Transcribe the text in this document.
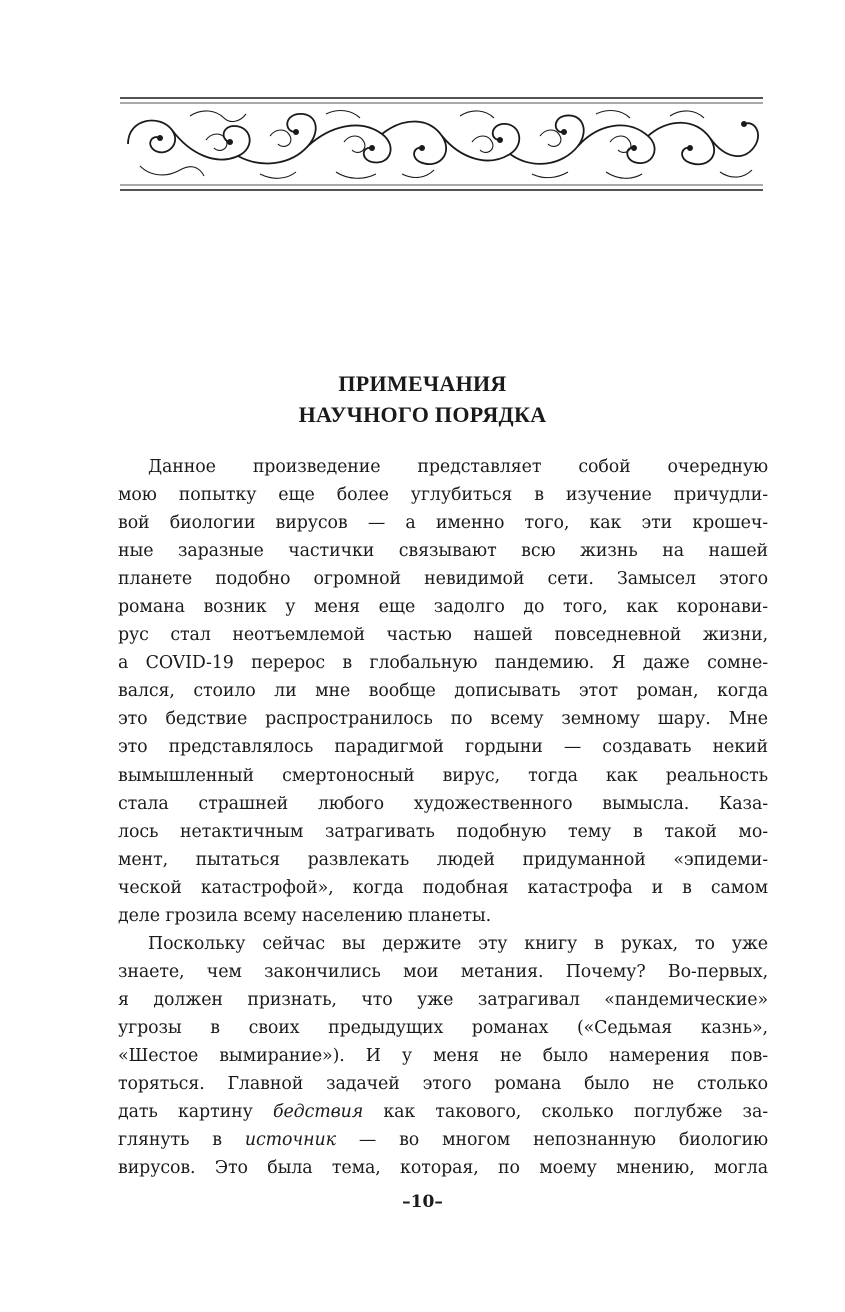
ПРИМЕЧАНИЯ
НАУЧНОГО ПОРЯДКА
Данное произведение представляет собой очередную
мою попытку еще более углубиться в изучение причудли-
вой биологии вирусов — а именно того, как эти крошеч-
ные заразные частички связывают всю жизнь на нашей
планете подобно огромной невидимой сети. Замысел этого
романа возник у меня еще задолго до того, как коронави-
рус стал неотъемлемой частью нашей повседневной жизни,
а COVID-19 перерос в глобальную пандемию. Я даже сомне-
вался, стоило ли мне вообще дописывать этот роман, когда
это бедствие распространилось по всему земному шару. Мне
это представлялось парадигмой гордыни — создавать некий
вымышленный смертоносный вирус, тогда как реальность
стала страшней любого художественного вымысла. Каза-
лось нетактичным затрагивать подобную тему в такой мо-
мент, пытаться развлекать людей придуманной «эпидеми-
ческой катастрофой», когда подобная катастрофа и в самом
деле грозила всему населению планеты.
Поскольку сейчас вы держите эту книгу в руках, то уже
знаете, чем закончились мои метания. Почему? Во-первых,
я должен признать, что уже затрагивал «пандемические»
угрозы в своих предыдущих романах («Седьмая казнь»,
«Шестое вымирание»). И у меня не было намерения пов-
торяться. Главной задачей этого романа было не столько
дать картину бедствия как такового, сколько поглубже за-
глянуть в источник — во многом непознанную биологию
вирусов. Это была тема, которая, по моему мнению, могла
–10–
